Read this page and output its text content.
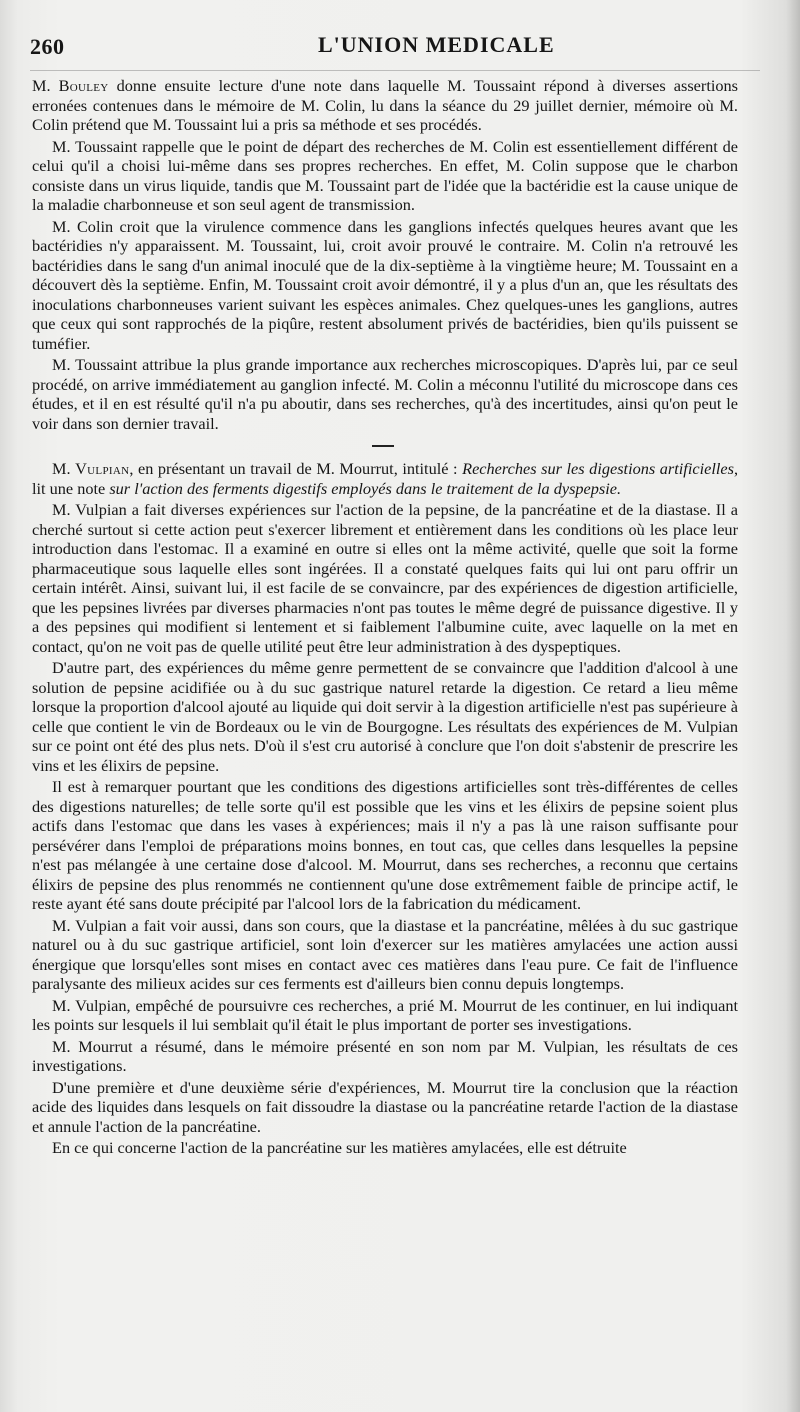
260	L'UNION MEDICALE

M. Bouley donne ensuite lecture d'une note dans laquelle M. Toussaint répond à diverses assertions erronées contenues dans le mémoire de M. Colin, lu dans la séance du 29 juillet dernier, mémoire où M. Colin prétend que M. Toussaint lui a pris sa méthode et ses procédés.

M. Toussaint rappelle que le point de départ des recherches de M. Colin est essentiellement différent de celui qu'il a choisi lui-même dans ses propres recherches. En effet, M. Colin suppose que le charbon consiste dans un virus liquide, tandis que M. Toussaint part de l'idée que la bactéridie est la cause unique de la maladie charbonneuse et son seul agent de transmission.

M. Colin croit que la virulence commence dans les ganglions infectés quelques heures avant que les bactéridies n'y apparaissent. M. Toussaint, lui, croit avoir prouvé le contraire. M. Colin n'a retrouvé les bactéridies dans le sang d'un animal inoculé que de la dix-septième à la vingtième heure; M. Toussaint en a découvert dès la septième. Enfin, M. Toussaint croit avoir démontré, il y a plus d'un an, que les résultats des inoculations charbonneuses varient suivant les espèces animales. Chez quelques-unes les ganglions, autres que ceux qui sont rapprochés de la piqûre, restent absolument privés de bactéridies, bien qu'ils puissent se tuméfier.

M. Toussaint attribue la plus grande importance aux recherches microscopiques. D'après lui, par ce seul procédé, on arrive immédiatement au ganglion infecté. M. Colin a méconnu l'utilité du microscope dans ces études, et il en est résulté qu'il n'a pu aboutir, dans ses recherches, qu'à des incertitudes, ainsi qu'on peut le voir dans son dernier travail.

M. Vulpian, en présentant un travail de M. Mourrut, intitulé : Recherches sur les digestions artificielles, lit une note sur l'action des ferments digestifs employés dans le traitement de la dyspepsie.

M. Vulpian a fait diverses expériences sur l'action de la pepsine, de la pancréatine et de la diastase. Il a cherché surtout si cette action peut s'exercer librement et entièrement dans les conditions où les place leur introduction dans l'estomac. Il a examiné en outre si elles ont la même activité, quelle que soit la forme pharmaceutique sous laquelle elles sont ingérées. Il a constaté quelques faits qui lui ont paru offrir un certain intérêt. Ainsi, suivant lui, il est facile de se convaincre, par des expériences de digestion artificielle, que les pepsines livrées par diverses pharmacies n'ont pas toutes le même degré de puissance digestive. Il y a des pepsines qui modifient si lentement et si faiblement l'albumine cuite, avec laquelle on la met en contact, qu'on ne voit pas de quelle utilité peut être leur administration à des dyspeptiques.

D'autre part, des expériences du même genre permettent de se convaincre que l'addition d'alcool à une solution de pepsine acidifiée ou à du suc gastrique naturel retarde la digestion. Ce retard a lieu même lorsque la proportion d'alcool ajouté au liquide qui doit servir à la digestion artificielle n'est pas supérieure à celle que contient le vin de Bordeaux ou le vin de Bourgogne. Les résultats des expériences de M. Vulpian sur ce point ont été des plus nets. D'où il s'est cru autorisé à conclure que l'on doit s'abstenir de prescrire les vins et les élixirs de pepsine.

Il est à remarquer pourtant que les conditions des digestions artificielles sont très-différentes de celles des digestions naturelles; de telle sorte qu'il est possible que les vins et les élixirs de pepsine soient plus actifs dans l'estomac que dans les vases à expériences; mais il n'y a pas là une raison suffisante pour persévérer dans l'emploi de préparations moins bonnes, en tout cas, que celles dans lesquelles la pepsine n'est pas mélangée à une certaine dose d'alcool. M. Mourrut, dans ses recherches, a reconnu que certains élixirs de pepsine des plus renommés ne contiennent qu'une dose extrêmement faible de principe actif, le reste ayant été sans doute précipité par l'alcool lors de la fabrication du médicament.

M. Vulpian a fait voir aussi, dans son cours, que la diastase et la pancréatine, mêlées à du suc gastrique naturel ou à du suc gastrique artificiel, sont loin d'exercer sur les matières amylacées une action aussi énergique que lorsqu'elles sont mises en contact avec ces matières dans l'eau pure. Ce fait de l'influence paralysante des milieux acides sur ces ferments est d'ailleurs bien connu depuis longtemps.

M. Vulpian, empêché de poursuivre ces recherches, a prié M. Mourrut de les continuer, en lui indiquant les points sur lesquels il lui semblait qu'il était le plus important de porter ses investigations.

M. Mourrut a résumé, dans le mémoire présenté en son nom par M. Vulpian, les résultats de ces investigations.

D'une première et d'une deuxième série d'expériences, M. Mourrut tire la conclusion que la réaction acide des liquides dans lesquels on fait dissoudre la diastase ou la pancréatine retarde l'action de la diastase et annule l'action de la pancréatine.

En ce qui concerne l'action de la pancréatine sur les matières amylacées, elle est détruite
